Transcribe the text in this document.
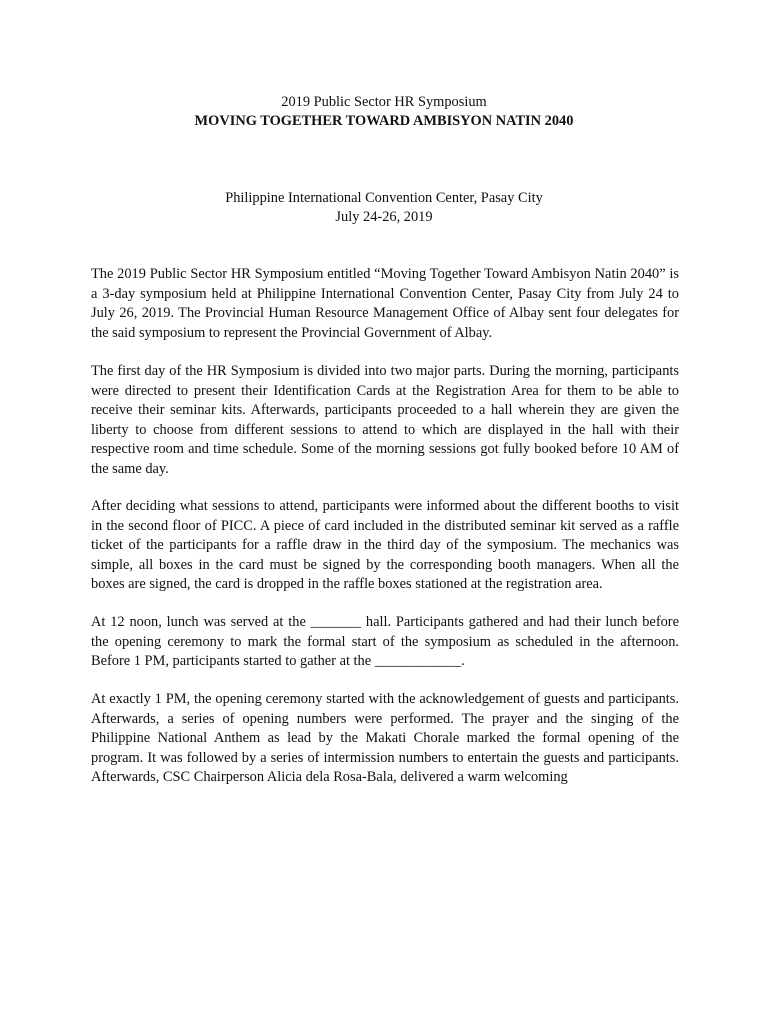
2019 Public Sector HR Symposium
MOVING TOGETHER TOWARD AMBISYON NATIN 2040
Philippine International Convention Center, Pasay City
July 24-26, 2019

The 2019 Public Sector HR Symposium entitled “Moving Together Toward Ambisyon Natin 2040” is a 3-day symposium held at Philippine International Convention Center, Pasay City from July 24 to July 26, 2019. The Provincial Human Resource Management Office of Albay sent four delegates for the said symposium to represent the Provincial Government of Albay.

The first day of the HR Symposium is divided into two major parts. During the morning, participants were directed to present their Identification Cards at the Registration Area for them to be able to receive their seminar kits. Afterwards, participants proceeded to a hall wherein they are given the liberty to choose from different sessions to attend to which are displayed in the hall with their respective room and time schedule. Some of the morning sessions got fully booked before 10 AM of the same day.

After deciding what sessions to attend, participants were informed about the different booths to visit in the second floor of PICC. A piece of card included in the distributed seminar kit served as a raffle ticket of the participants for a raffle draw in the third day of the symposium. The mechanics was simple, all boxes in the card must be signed by the corresponding booth managers. When all the boxes are signed, the card is dropped in the raffle boxes stationed at the registration area.

At 12 noon, lunch was served at the _______ hall. Participants gathered and had their lunch before the opening ceremony to mark the formal start of the symposium as scheduled in the afternoon. Before 1 PM, participants started to gather at the ____________.

At exactly 1 PM, the opening ceremony started with the acknowledgement of guests and participants. Afterwards, a series of opening numbers were performed. The prayer and the singing of the Philippine National Anthem as lead by the Makati Chorale marked the formal opening of the program. It was followed by a series of intermission numbers to entertain the guests and participants. Afterwards, CSC Chairperson Alicia dela Rosa-Bala, delivered a warm welcoming
